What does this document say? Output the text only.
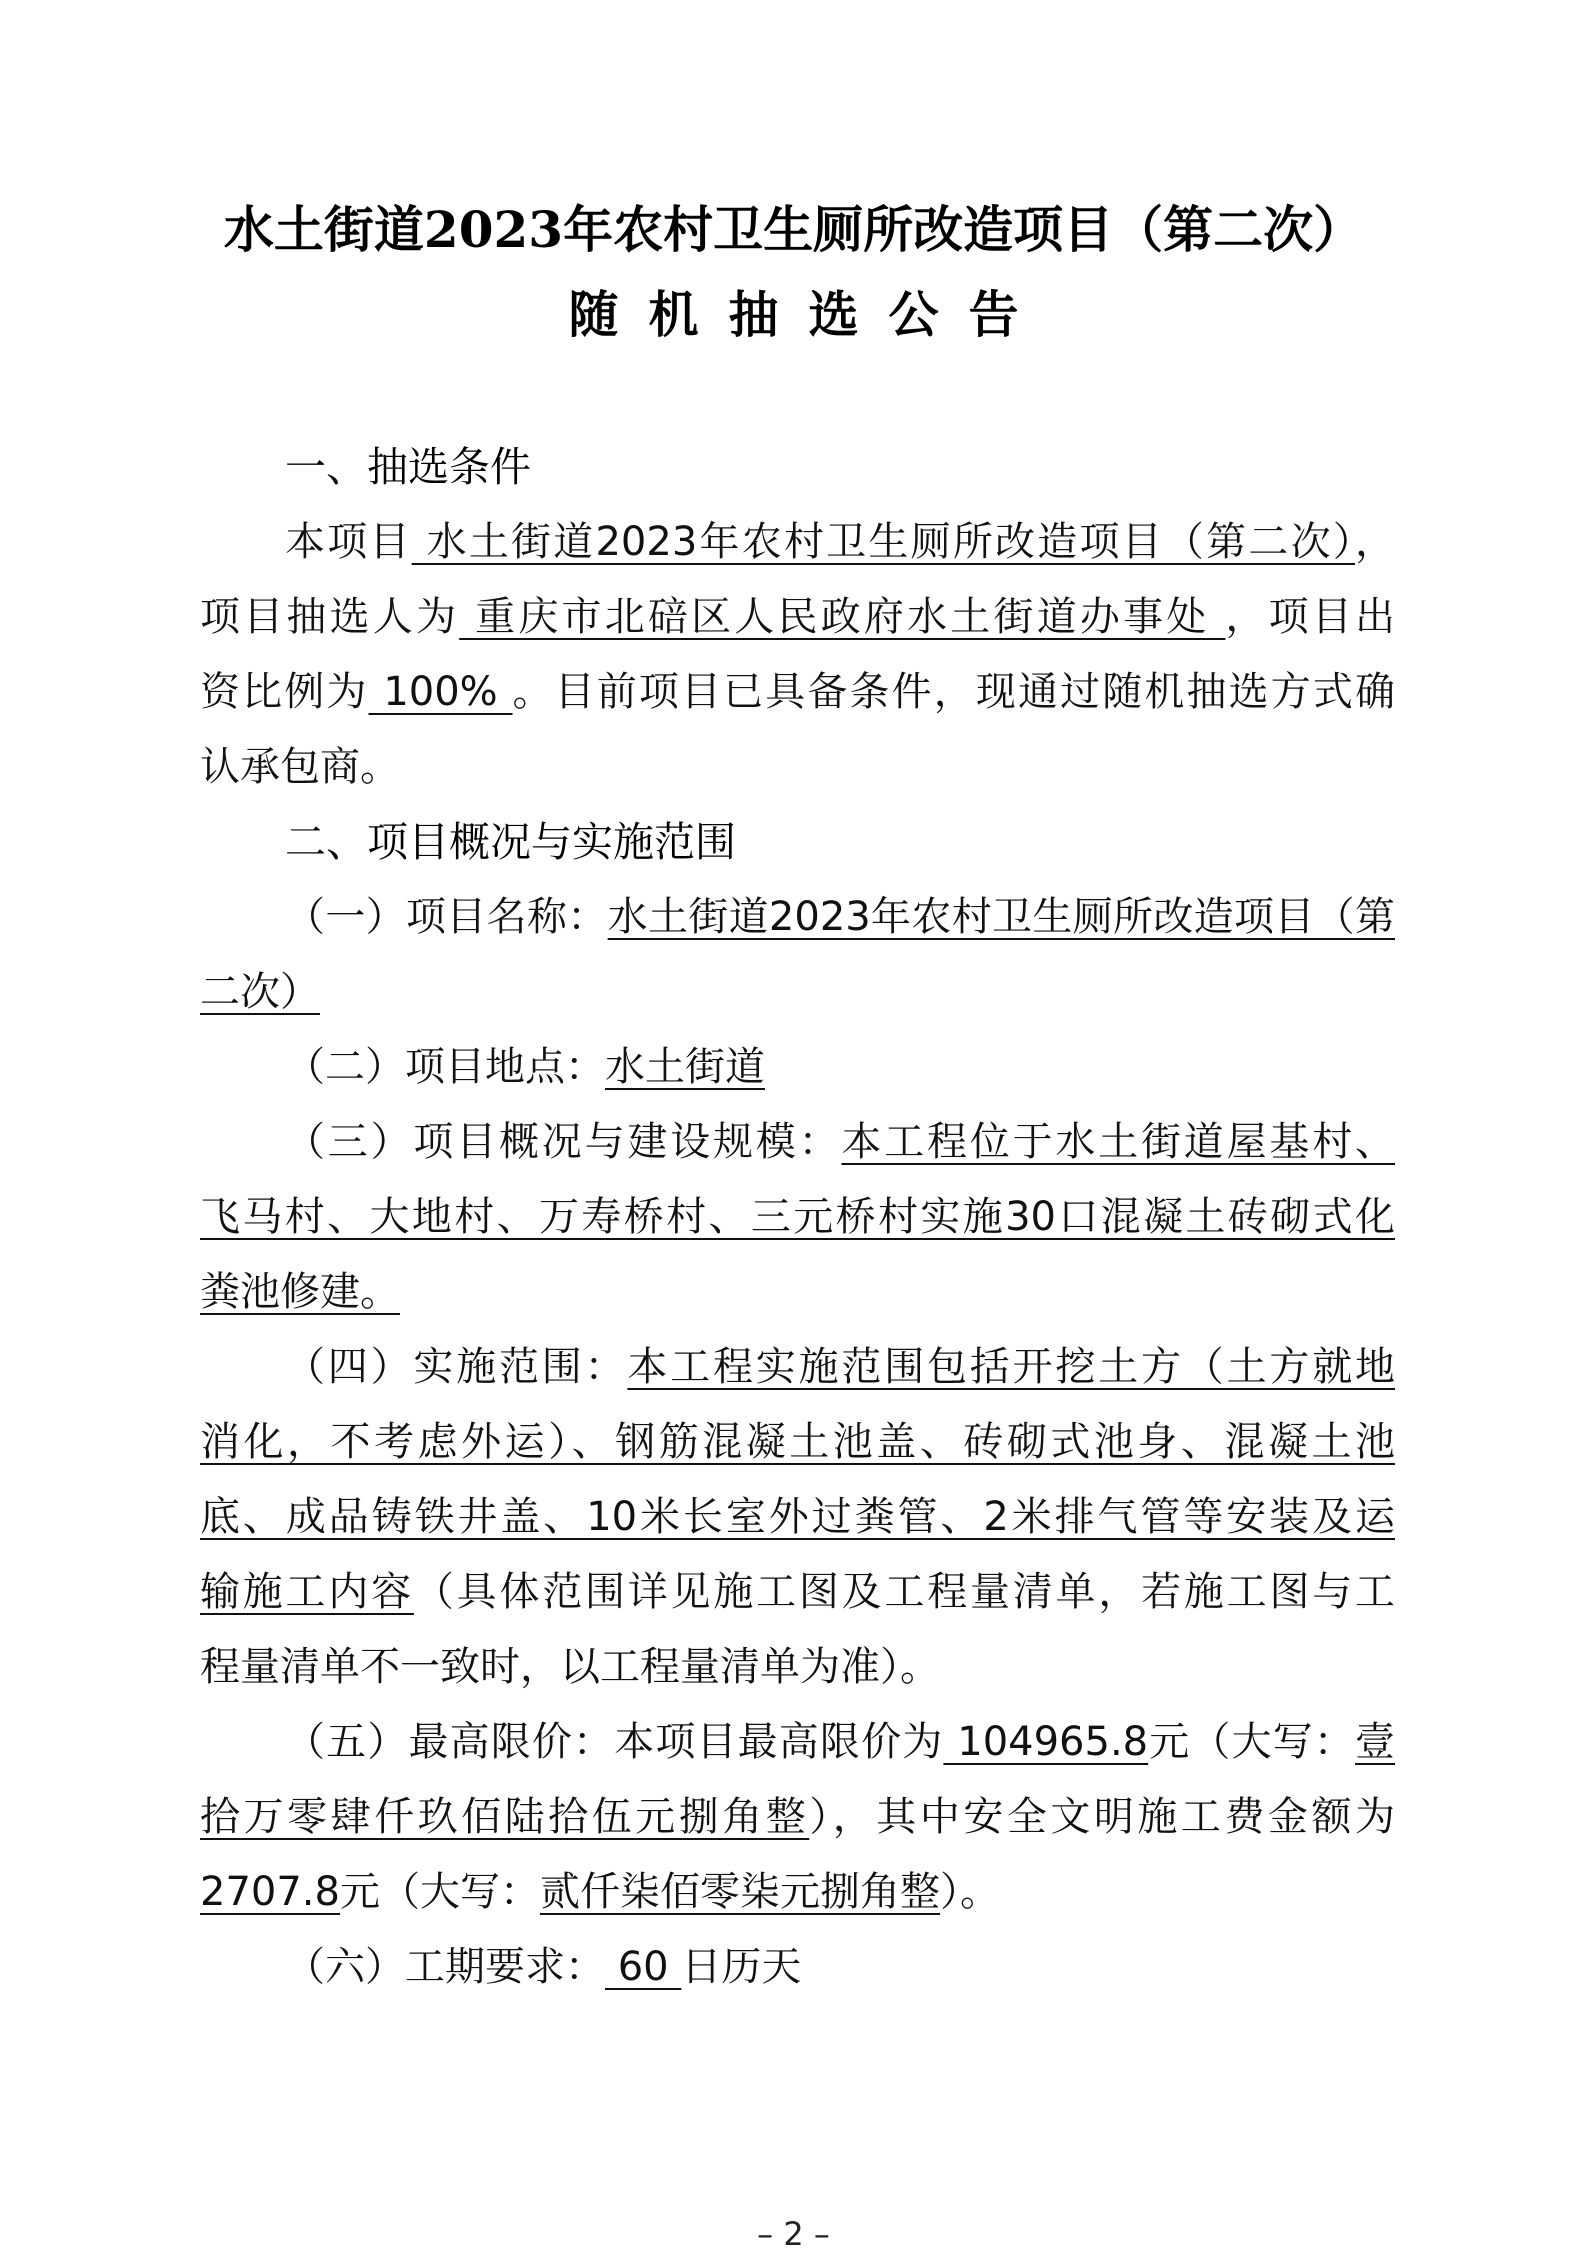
水土街道2023年农村卫生厕所改造项目（第二次）
随机抽选公告
一、抽选条件
本项目 水土街道2023年农村卫生厕所改造项目（第二次），
项目抽选人为 重庆市北碚区人民政府水土街道办事处 ，项目出
资比例为 100% 。目前项目已具备条件，现通过随机抽选方式确
认承包商。
二、项目概况与实施范围
（一）项目名称：水土街道2023年农村卫生厕所改造项目（第
二次）
（二）项目地点：水土街道
（三）项目概况与建设规模：本工程位于水土街道屋基村、
飞马村、大地村、万寿桥村、三元桥村实施30口混凝土砖砌式化
粪池修建。
（四）实施范围：本工程实施范围包括开挖土方（土方就地
消化，不考虑外运）、钢筋混凝土池盖、砖砌式池身、混凝土池
底、成品铸铁井盖、10米长室外过粪管、2米排气管等安装及运
输施工内容（具体范围详见施工图及工程量清单，若施工图与工
程量清单不一致时，以工程量清单为准）。
（五）最高限价：本项目最高限价为 104965.8元（大写：壹
拾万零肆仟玖佰陆拾伍元捌角整），其中安全文明施工费金额为
2707.8元（大写：贰仟柒佰零柒元捌角整）。
（六）工期要求： 60 日历天
– 2 –
